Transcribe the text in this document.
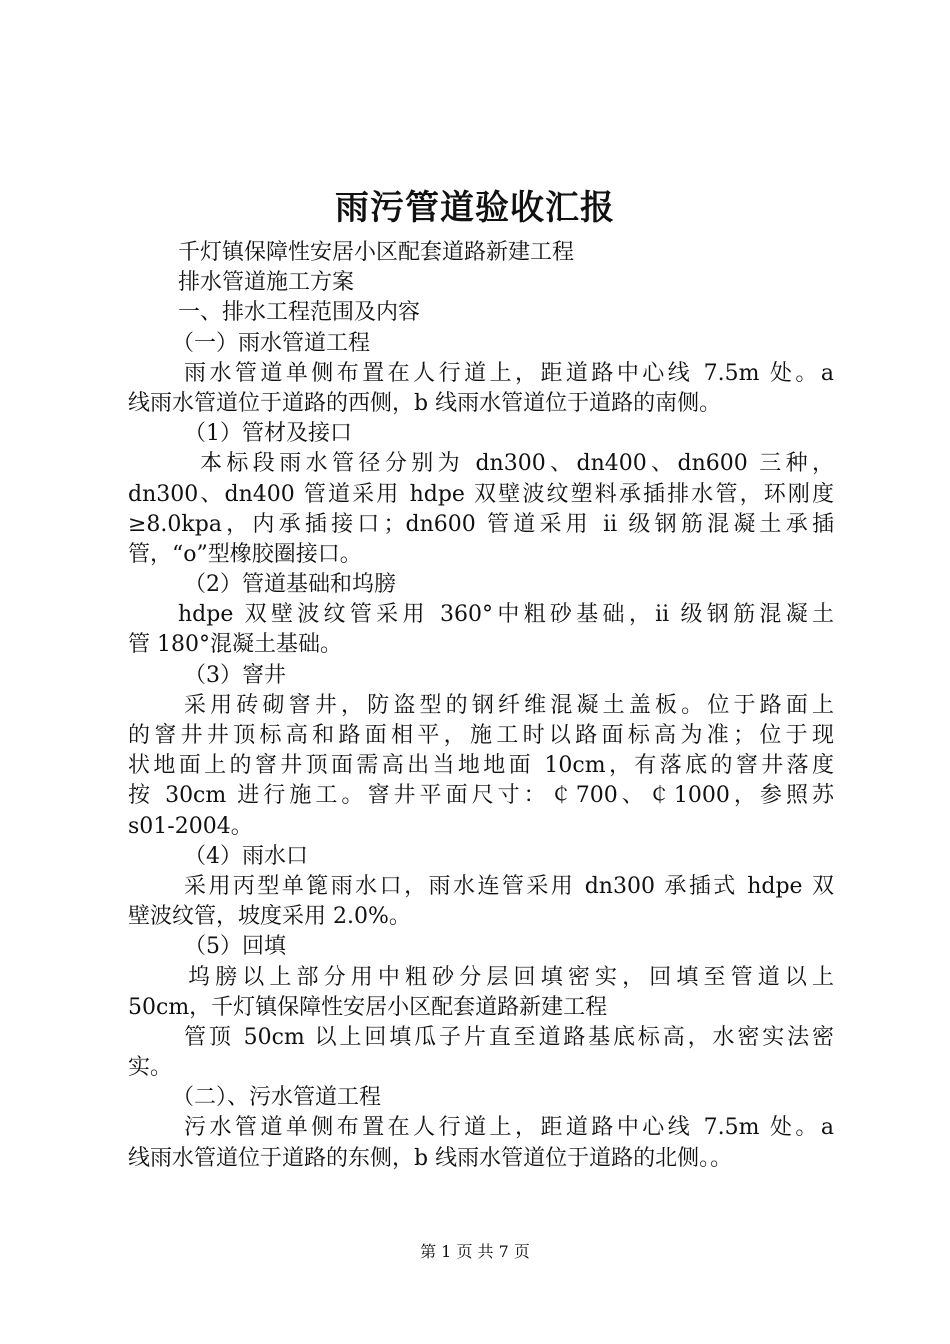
雨污管道验收汇报
千灯镇保障性安居小区配套道路新建工程
排水管道施工方案
一、排水工程范围及内容
（一）雨水管道工程
雨水管道单侧布置在人行道上，距道路中心线 7.5m 处。a
线雨水管道位于道路的西侧，b 线雨水管道位于道路的南侧。
（1）管材及接口
本标段雨水管径分别为 dn300、dn400、dn600 三种，
dn300、dn400 管道采用 hdpe 双壁波纹塑料承插排水管，环刚度
≥8.0kpa，内承插接口；dn600 管道采用 ii 级钢筋混凝土承插
管，“o”型橡胶圈接口。
（2）管道基础和坞膀
hdpe 双壁波纹管采用 360°中粗砂基础，ii 级钢筋混凝土
管 180°混凝土基础。
（3）窨井
采用砖砌窨井，防盗型的钢纤维混凝土盖板。位于路面上
的窨井井顶标高和路面相平，施工时以路面标高为准；位于现
状地面上的窨井顶面需高出当地地面 10cm，有落底的窨井落度
按 30cm 进行施工。窨井平面尺寸：￠700、￠1000，参照苏
s01-2004。
（4）雨水口
采用丙型单篦雨水口，雨水连管采用 dn300 承插式 hdpe 双
壁波纹管，坡度采用 2.0%。
（5）回填
坞膀以上部分用中粗砂分层回填密实，回填至管道以上
50cm，千灯镇保障性安居小区配套道路新建工程
管顶 50cm 以上回填瓜子片直至道路基底标高，水密实法密
实。
（二）、污水管道工程
污水管道单侧布置在人行道上，距道路中心线 7.5m 处。a
线雨水管道位于道路的东侧，b 线雨水管道位于道路的北侧。。
第 1 页 共 7 页
